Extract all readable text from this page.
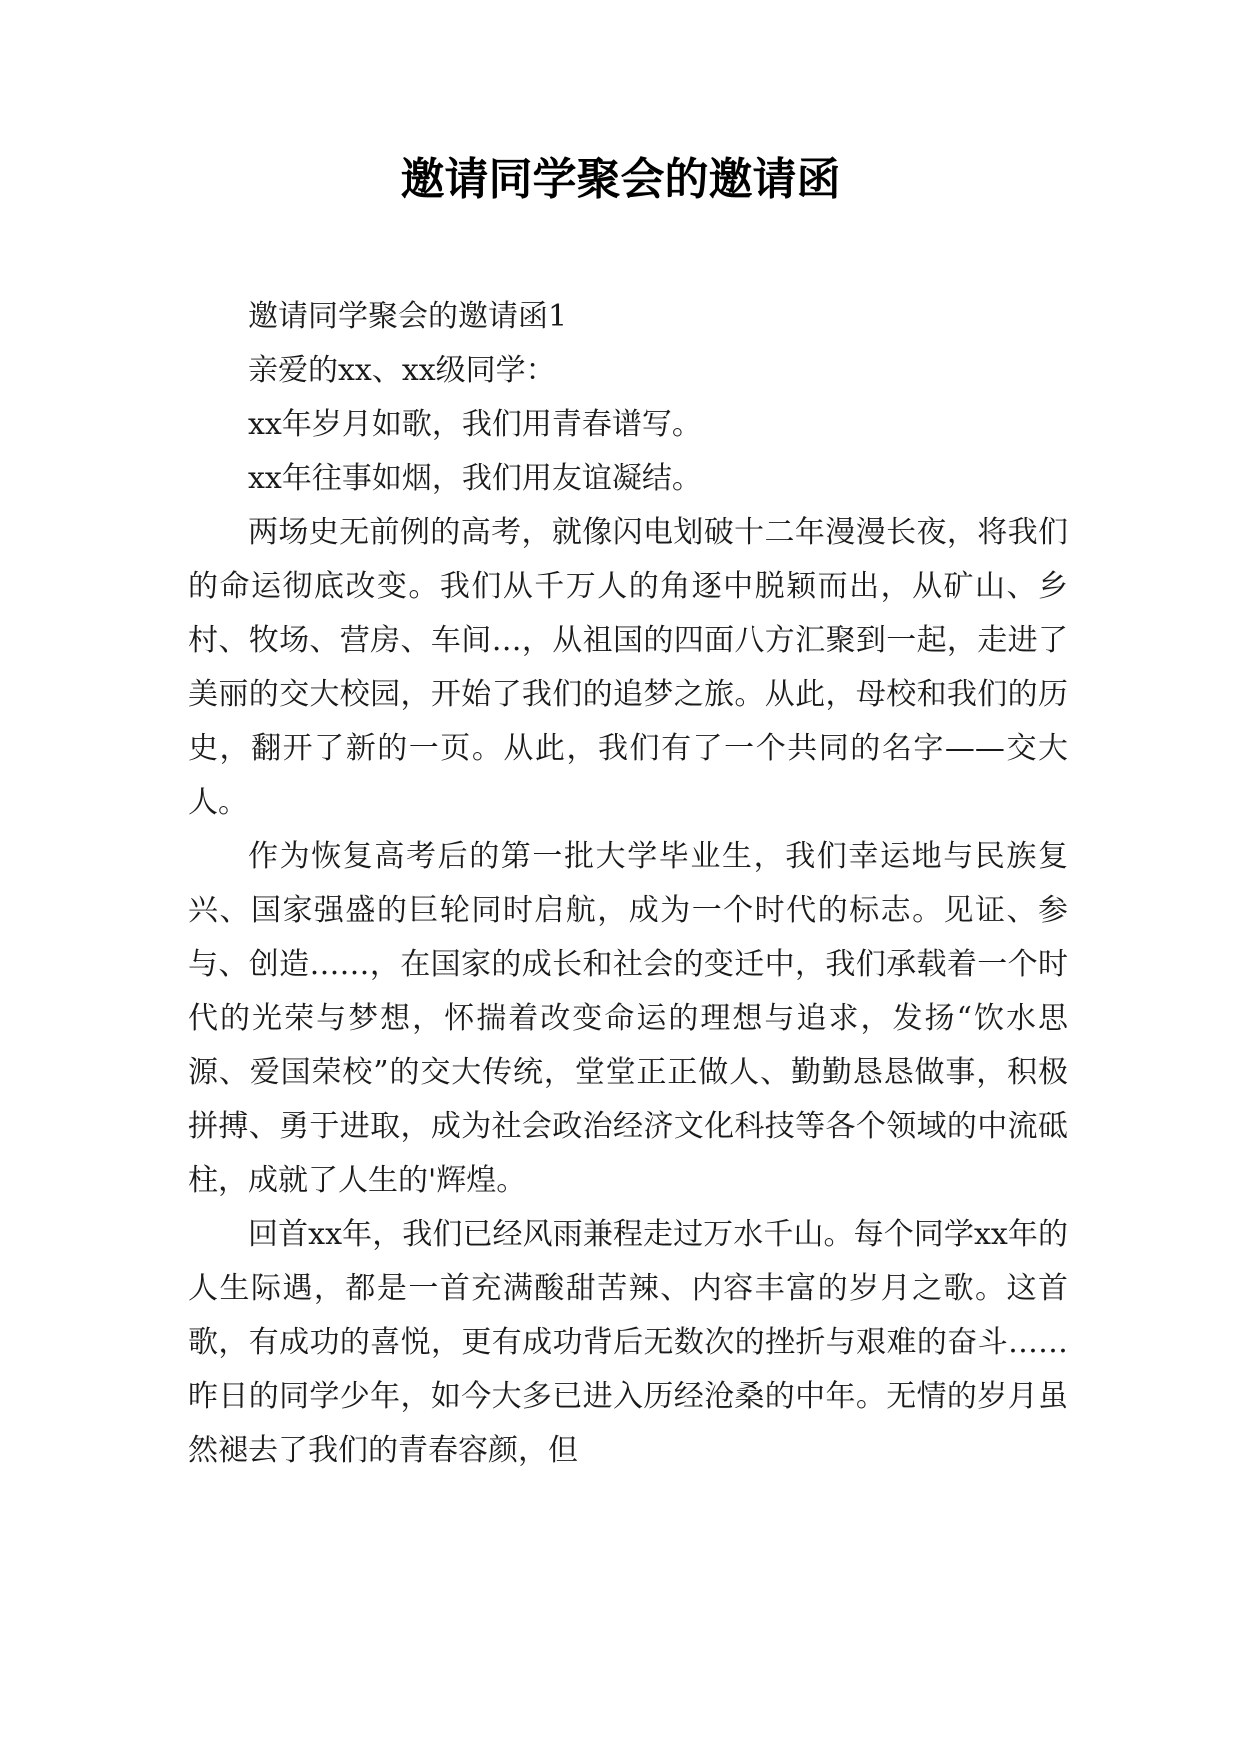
邀请同学聚会的邀请函

邀请同学聚会的邀请函1

亲爱的xx、xx级同学：

xx年岁月如歌，我们用青春谱写。

xx年往事如烟，我们用友谊凝结。

两场史无前例的高考，就像闪电划破十二年漫漫长夜，将我们的命运彻底改变。我们从千万人的角逐中脱颖而出，从矿山、乡村、牧场、营房、车间…，从祖国的四面八方汇聚到一起，走进了美丽的交大校园，开始了我们的追梦之旅。从此，母校和我们的历史，翻开了新的一页。从此，我们有了一个共同的名字——交大人。

作为恢复高考后的第一批大学毕业生，我们幸运地与民族复兴、国家强盛的巨轮同时启航，成为一个时代的标志。见证、参与、创造……，在国家的成长和社会的变迁中，我们承载着一个时代的光荣与梦想，怀揣着改变命运的理想与追求，发扬“饮水思源、爱国荣校”的交大传统，堂堂正正做人、勤勤恳恳做事，积极拼搏、勇于进取，成为社会政治经济文化科技等各个领域的中流砥柱，成就了人生的'辉煌。

回首xx年，我们已经风雨兼程走过万水千山。每个同学xx年的人生际遇，都是一首充满酸甜苦辣、内容丰富的岁月之歌。这首歌，有成功的喜悦，更有成功背后无数次的挫折与艰难的奋斗……昨日的同学少年，如今大多已进入历经沧桑的中年。无情的岁月虽然褪去了我们的青春容颜，但
